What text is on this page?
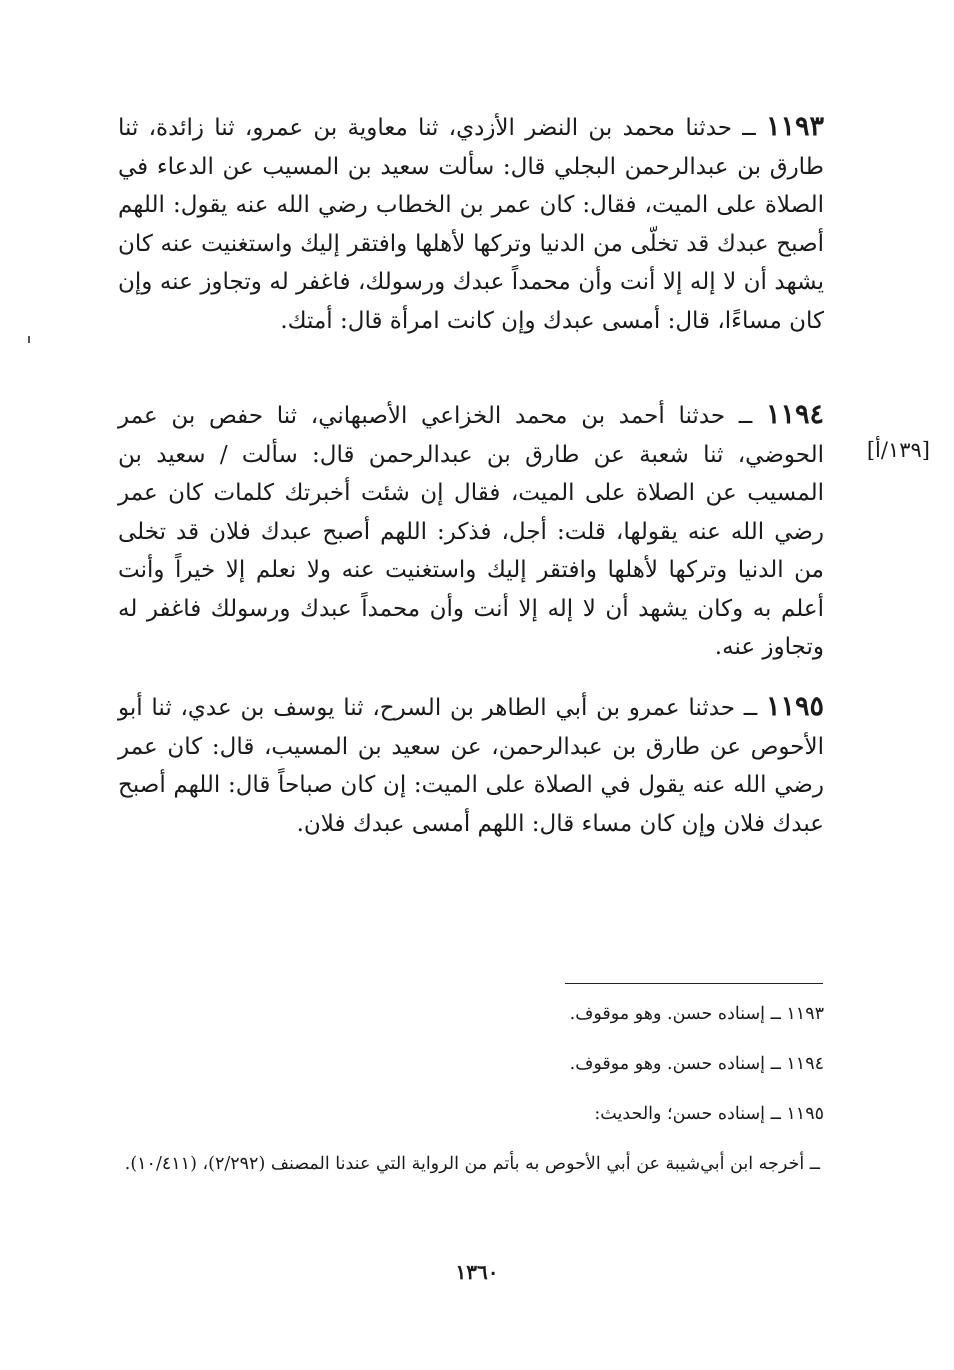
١١٩٣ ــ حدثنا محمد بن النضر الأزدي، ثنا معاوية بن عمرو، ثنا زائدة، ثنا طارق بن عبدالرحمن البجلي قال: سألت سعيد بن المسيب عن الدعاء في الصلاة على الميت، فقال: كان عمر بن الخطاب رضي الله عنه يقول: اللهم أصبح عبدك قد تخلّى من الدنيا وتركها لأهلها وافتقر إليك واستغنيت عنه كان يشهد أن لا إله إلا أنت وأن محمداً عبدك ورسولك، فاغفر له وتجاوز عنه وإن كان مساءًا، قال: أمسى عبدك وإن كانت امرأة قال: أمتك.

١١٩٤ ــ حدثنا أحمد بن محمد الخزاعي الأصبهاني، ثنا حفص بن عمر الحوضي، ثنا شعبة عن طارق بن عبدالرحمن قال: سألت / سعيد بن المسيب عن الصلاة على الميت، فقال إن شئت أخبرتك كلمات كان عمر رضي الله عنه يقولها، قلت: أجل، فذكر: اللهم أصبح عبدك فلان قد تخلى من الدنيا وتركها لأهلها وافتقر إليك واستغنيت عنه ولا نعلم إلا خيراً وأنت أعلم به وكان يشهد أن لا إله إلا أنت وأن محمداً عبدك ورسولك فاغفر له وتجاوز عنه.

[١٣٩/أ]

١١٩٥ ــ حدثنا عمرو بن أبي الطاهر بن السرح، ثنا يوسف بن عدي، ثنا أبو الأحوص عن طارق بن عبدالرحمن، عن سعيد بن المسيب، قال: كان عمر رضي الله عنه يقول في الصلاة على الميت: إن كان صباحاً قال: اللهم أصبح عبدك فلان وإن كان مساء قال: اللهم أمسى عبدك فلان.

١١٩٣ ــ إسناده حسن. وهو موقوف.

١١٩٤ ــ إسناده حسن. وهو موقوف.

١١٩٥ ــ إسناده حسن؛ والحديث:

ــ أخرجه ابن أبي‌شيبة عن أبي الأحوص به بأتم من الرواية التي عندنا المصنف (٢/٢٩٢)، (١٠/٤١١).

١٣٦٠
